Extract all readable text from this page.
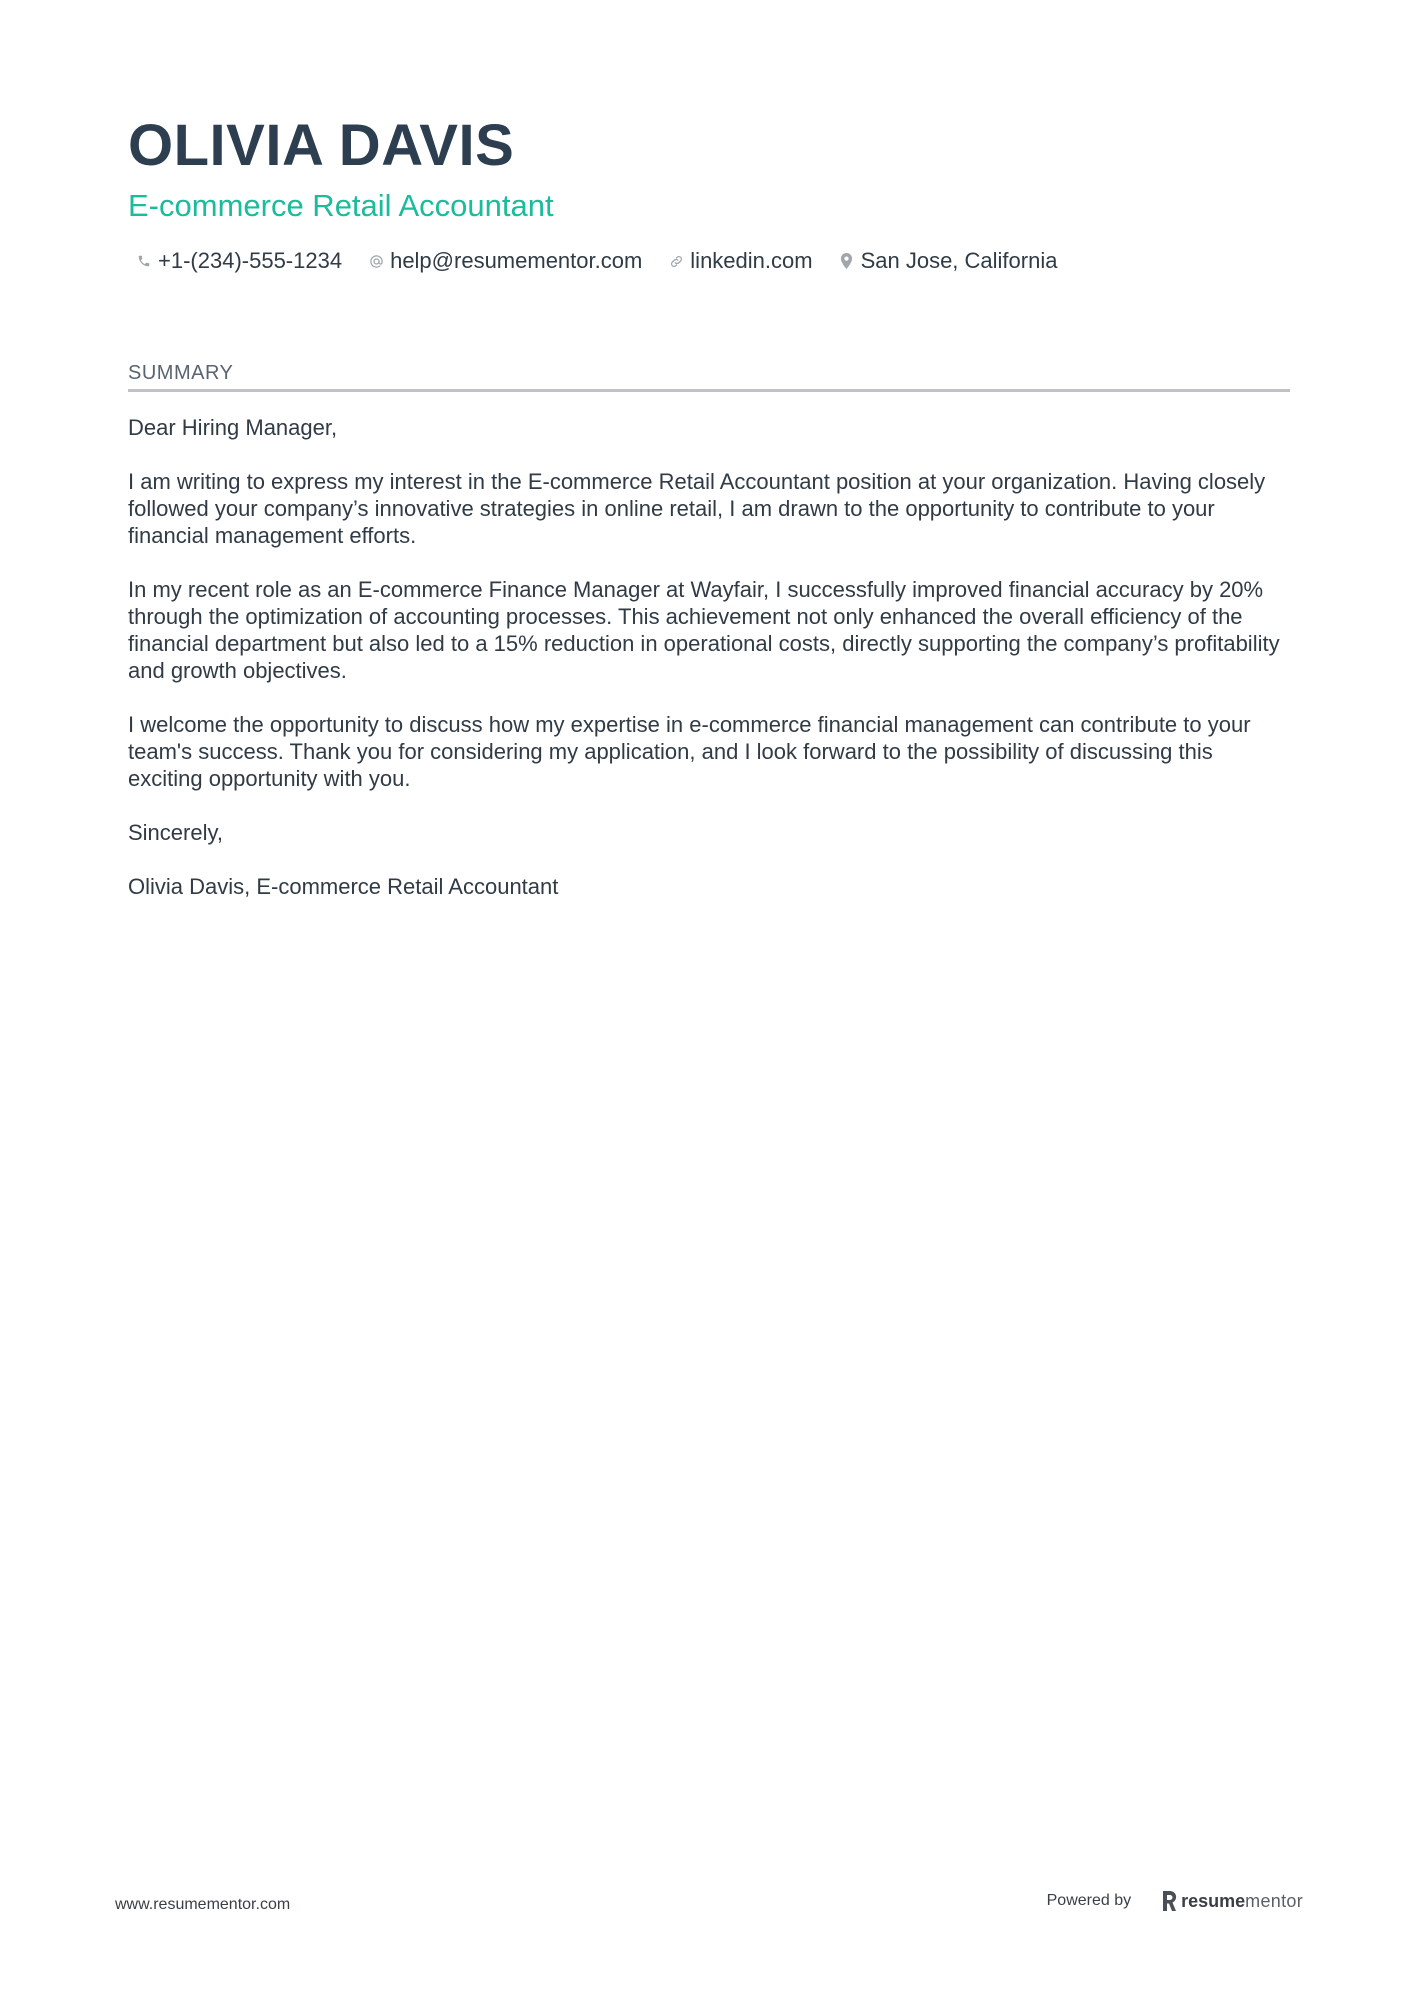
OLIVIA DAVIS
E-commerce Retail Accountant
+1-(234)-555-1234 help@resumementor.com linkedin.com San Jose, California
SUMMARY

Dear Hiring Manager,

I am writing to express my interest in the E-commerce Retail Accountant position at your organization. Having closely followed your company’s innovative strategies in online retail, I am drawn to the opportunity to contribute to your financial management efforts.

In my recent role as an E-commerce Finance Manager at Wayfair, I successfully improved financial accuracy by 20% through the optimization of accounting processes. This achievement not only enhanced the overall efficiency of the financial department but also led to a 15% reduction in operational costs, directly supporting the company’s profitability and growth objectives.

I welcome the opportunity to discuss how my expertise in e-commerce financial management can contribute to your team's success. Thank you for considering my application, and I look forward to the possibility of discussing this exciting opportunity with you.

Sincerely,

Olivia Davis, E-commerce Retail Accountant

www.resumementor.com	Powered by	resume mentor
